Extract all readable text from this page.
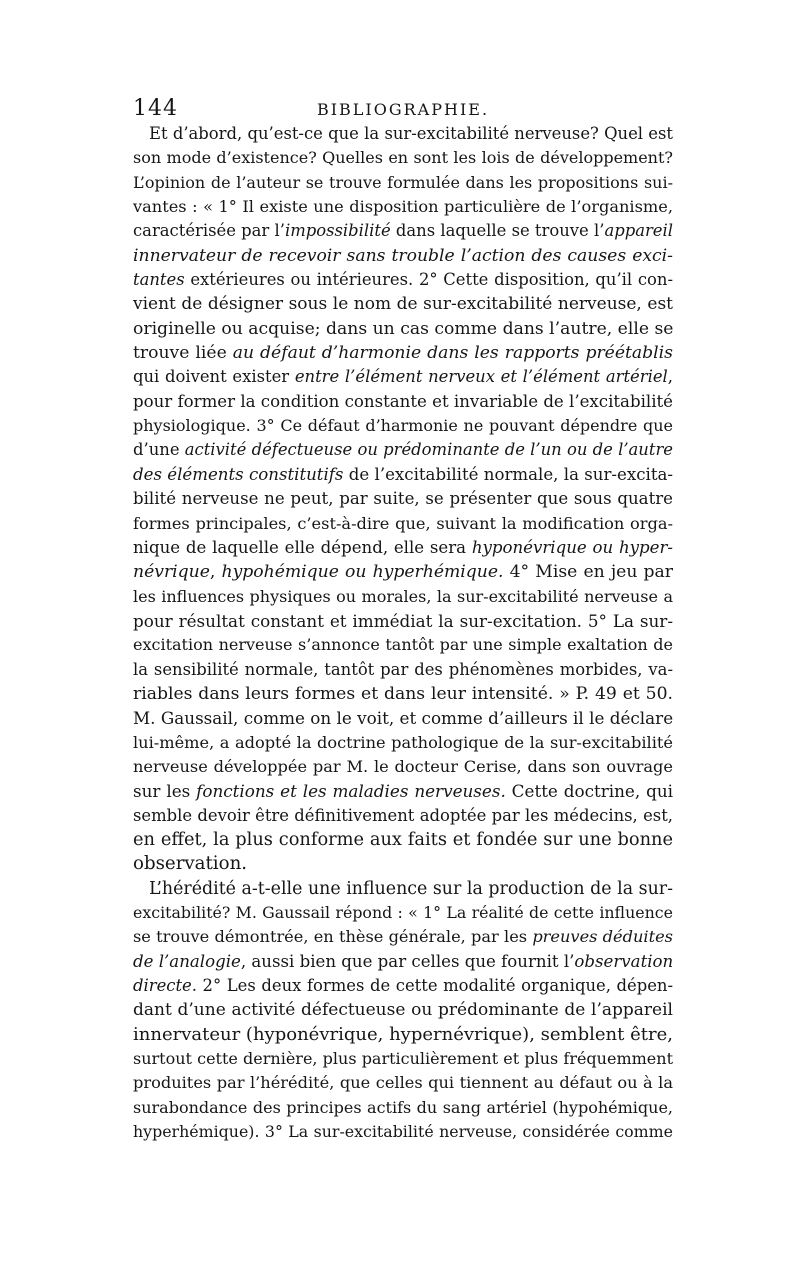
144	BIBLIOGRAPHIE.
Et d’abord, qu’est-ce que la sur-excitabilité nerveuse? Quel est
son mode d’existence? Quelles en sont les lois de développement?
L’opinion de l’auteur se trouve formulée dans les propositions sui-
vantes : « 1° Il existe une disposition particulière de l’organisme,
caractérisée par l’impossibilité dans laquelle se trouve l’appareil
innervateur de recevoir sans trouble l’action des causes exci-
tantes extérieures ou intérieures. 2° Cette disposition, qu’il con-
vient de désigner sous le nom de sur-excitabilité nerveuse, est
originelle ou acquise; dans un cas comme dans l’autre, elle se
trouve liée au défaut d’harmonie dans les rapports préétablis
qui doivent exister entre l’élément nerveux et l’élément artériel,
pour former la condition constante et invariable de l’excitabilité
physiologique. 3° Ce défaut d’harmonie ne pouvant dépendre que
d’une activité défectueuse ou prédominante de l’un ou de l’autre
des éléments constitutifs de l’excitabilité normale, la sur-excita-
bilité nerveuse ne peut, par suite, se présenter que sous quatre
formes principales, c’est-à-dire que, suivant la modification orga-
nique de laquelle elle dépend, elle sera hyponévrique ou hyper-
névrique, hypohémique ou hyperhémique. 4° Mise en jeu par
les influences physiques ou morales, la sur-excitabilité nerveuse a
pour résultat constant et immédiat la sur-excitation. 5° La sur-
excitation nerveuse s’annonce tantôt par une simple exaltation de
la sensibilité normale, tantôt par des phénomènes morbides, va-
riables dans leurs formes et dans leur intensité. » P. 49 et 50.
M. Gaussail, comme on le voit, et comme d’ailleurs il le déclare
lui-même, a adopté la doctrine pathologique de la sur-excitabilité
nerveuse développée par M. le docteur Cerise, dans son ouvrage
sur les fonctions et les maladies nerveuses. Cette doctrine, qui
semble devoir être définitivement adoptée par les médecins, est,
en effet, la plus conforme aux faits et fondée sur une bonne
observation.
L’hérédité a-t-elle une influence sur la production de la sur-
excitabilité? M. Gaussail répond : « 1° La réalité de cette influence
se trouve démontrée, en thèse générale, par les preuves déduites
de l’analogie, aussi bien que par celles que fournit l’observation
directe. 2° Les deux formes de cette modalité organique, dépen-
dant d’une activité défectueuse ou prédominante de l’appareil
innervateur (hyponévrique, hypernévrique), semblent être,
surtout cette dernière, plus particulièrement et plus fréquemment
produites par l’hérédité, que celles qui tiennent au défaut ou à la
surabondance des principes actifs du sang artériel (hypohémique,
hyperhémique). 3° La sur-excitabilité nerveuse, considérée comme
